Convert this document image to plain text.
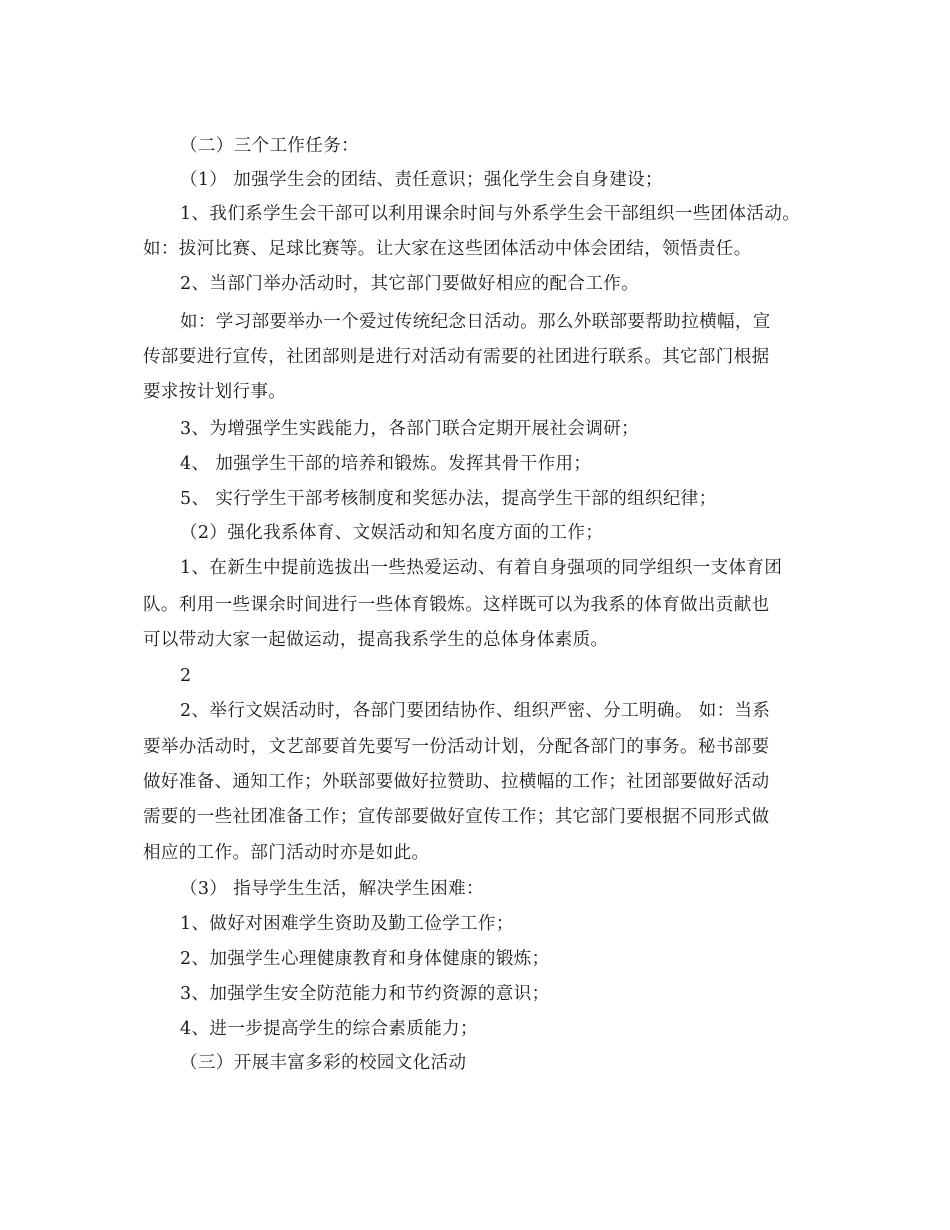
（二）三个工作任务：
（1） 加强学生会的团结、责任意识；强化学生会自身建设；
1、我们系学生会干部可以利用课余时间与外系学生会干部组织一些团体活动。
如：拔河比赛、足球比赛等。让大家在这些团体活动中体会团结，领悟责任。
2、当部门举办活动时，其它部门要做好相应的配合工作。
如：学习部要举办一个爱过传统纪念日活动。那么外联部要帮助拉横幅，宣
传部要进行宣传，社团部则是进行对活动有需要的社团进行联系。其它部门根据
要求按计划行事。
3、为增强学生实践能力，各部门联合定期开展社会调研；
4、 加强学生干部的培养和锻炼。发挥其骨干作用；
5、 实行学生干部考核制度和奖惩办法，提高学生干部的组织纪律；
（2）强化我系体育、文娱活动和知名度方面的工作；
1、在新生中提前选拔出一些热爱运动、有着自身强项的同学组织一支体育团
队。利用一些课余时间进行一些体育锻炼。这样既可以为我系的体育做出贡献也
可以带动大家一起做运动，提高我系学生的总体身体素质。
2
2、举行文娱活动时，各部门要团结协作、组织严密、分工明确。 如：当系
要举办活动时，文艺部要首先要写一份活动计划，分配各部门的事务。秘书部要
做好准备、通知工作；外联部要做好拉赞助、拉横幅的工作；社团部要做好活动
需要的一些社团准备工作；宣传部要做好宣传工作；其它部门要根据不同形式做
相应的工作。部门活动时亦是如此。
（3） 指导学生生活，解决学生困难：
1、做好对困难学生资助及勤工俭学工作；
2、加强学生心理健康教育和身体健康的锻炼；
3、加强学生安全防范能力和节约资源的意识；
4、进一步提高学生的综合素质能力；
（三）开展丰富多彩的校园文化活动
